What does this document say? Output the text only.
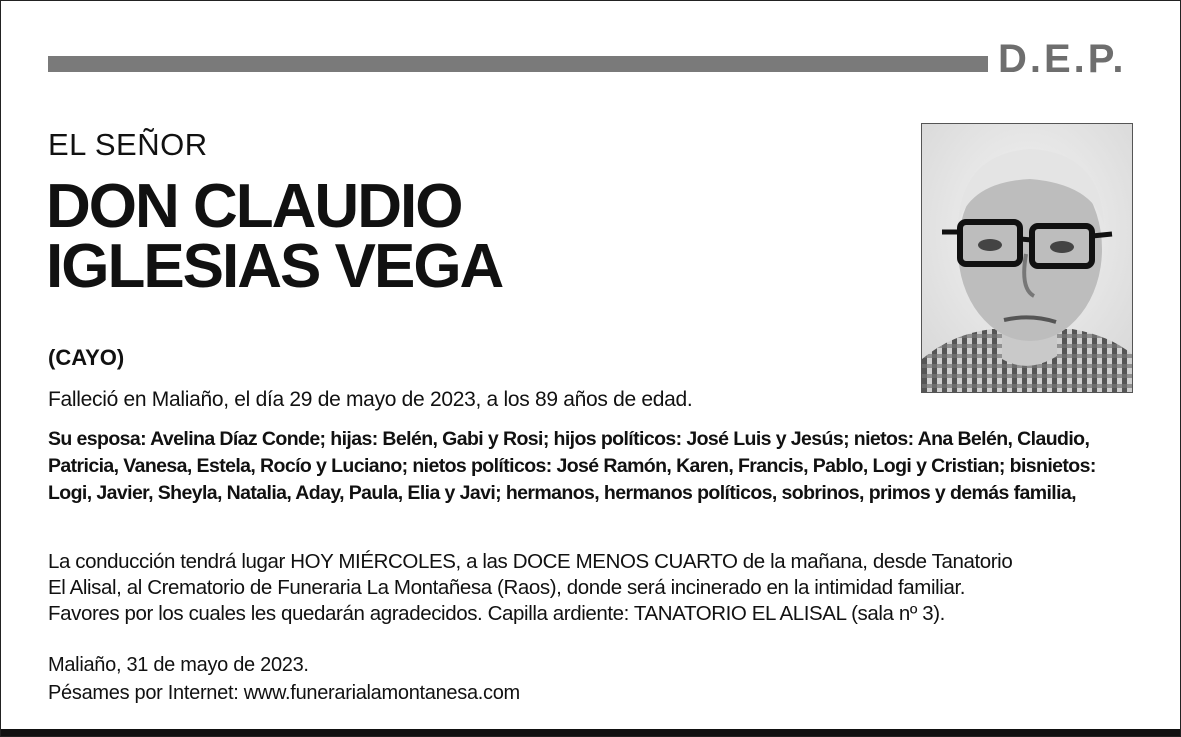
D.E.P.
EL SEÑOR
DON CLAUDIO
IGLESIAS VEGA
(CAYO)
Falleció en Maliaño, el día 29 de mayo de 2023, a los 89 años de edad.
Su esposa: Avelina Díaz Conde; hijas: Belén, Gabi y Rosi; hijos políticos: José Luis y Jesús; nietos: Ana Belén, Claudio, Patricia, Vanesa, Estela, Rocío y Luciano; nietos políticos: José Ramón, Karen, Francis, Pablo, Logi y Cristian; bisnietos: Logi, Javier, Sheyla, Natalia, Aday, Paula, Elia y Javi; hermanos, hermanos políticos, sobrinos, primos y demás familia,

La conducción tendrá lugar HOY MIÉRCOLES, a las DOCE MENOS CUARTO de la mañana, desde Tanatorio

El Alisal, al Crematorio de Funeraria La Montañesa (Raos), donde será incinerado en la intimidad familiar.

Favores por los cuales les quedarán agradecidos. Capilla ardiente: TANATORIO EL ALISAL (sala nº 3).

Maliaño, 31 de mayo de 2023.
Pésames por Internet: www.funerarialamontanesa.com
